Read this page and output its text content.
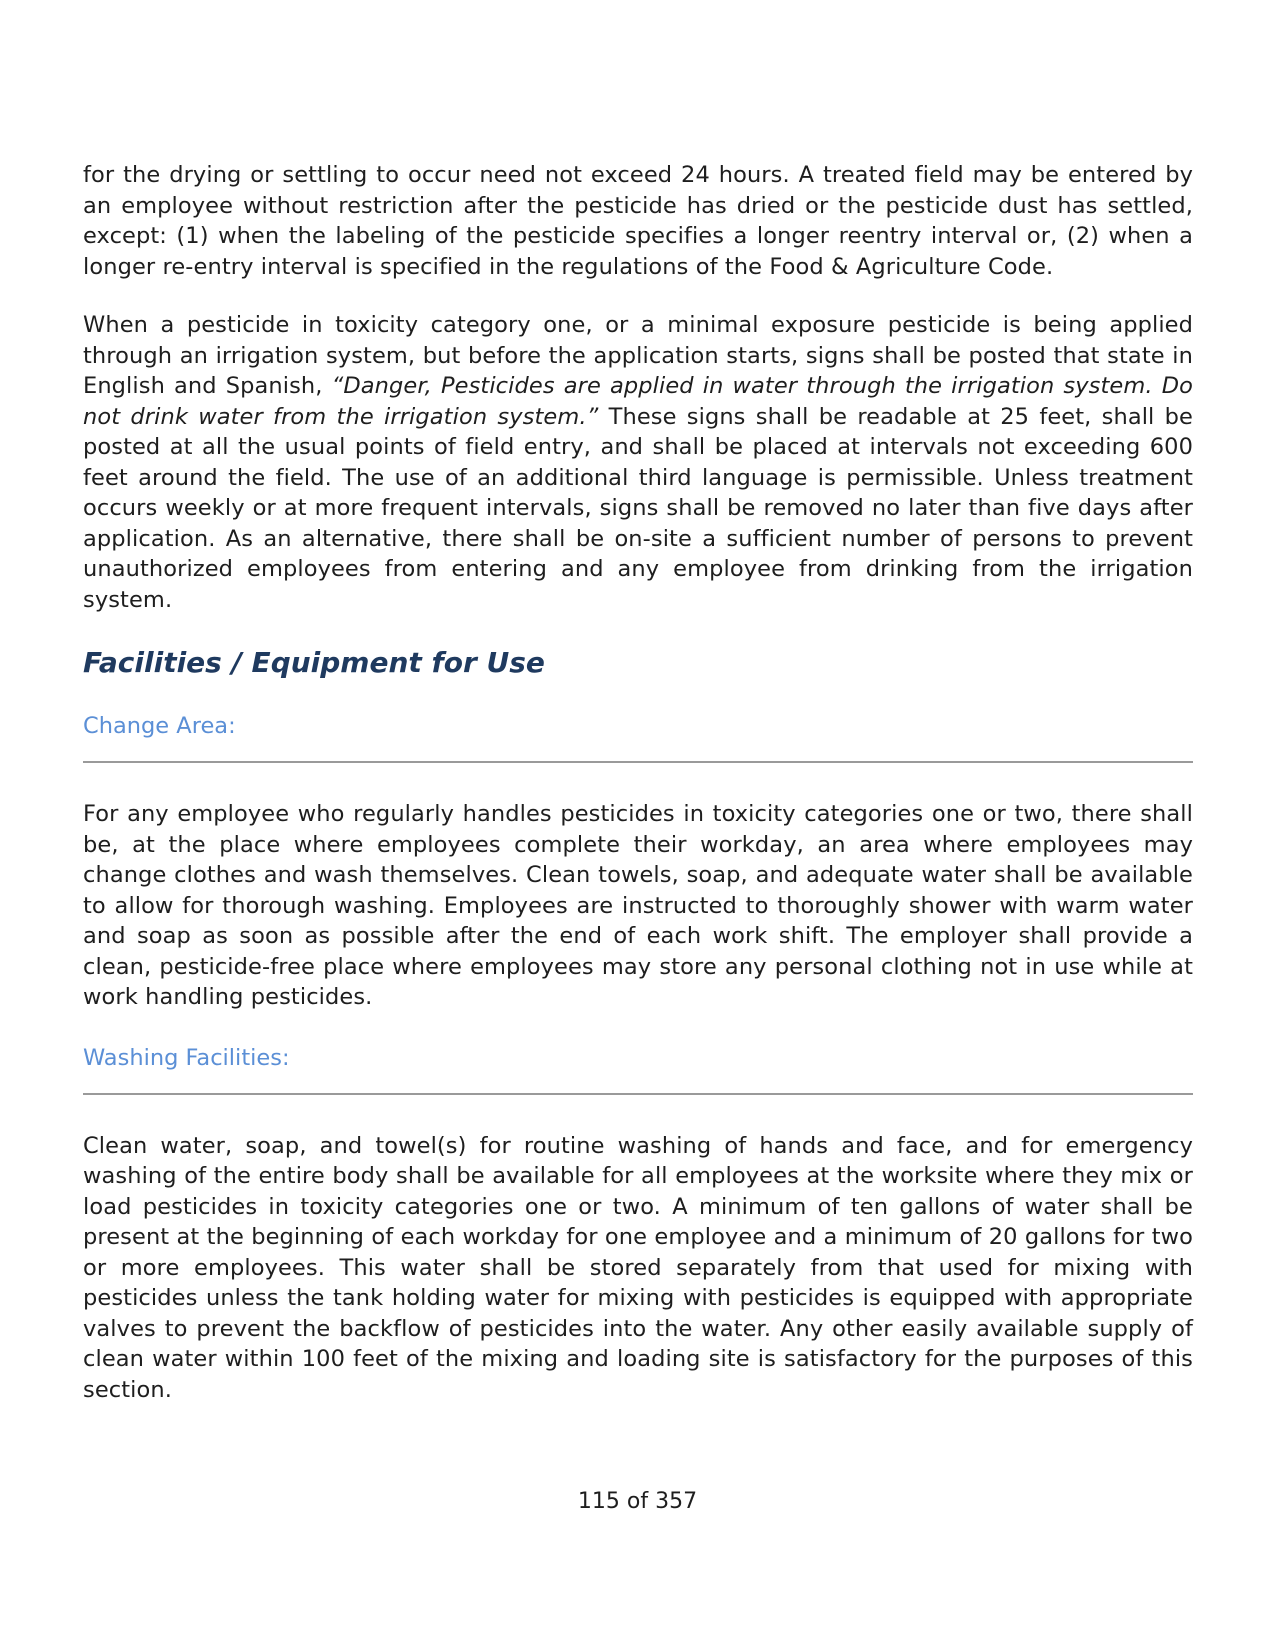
for the drying or settling to occur need not exceed 24 hours. A treated field may be entered by an employee without restriction after the pesticide has dried or the pesticide dust has settled, except: (1) when the labeling of the pesticide specifies a longer reentry interval or, (2) when a longer re-entry interval is specified in the regulations of the Food & Agriculture Code.

When a pesticide in toxicity category one, or a minimal exposure pesticide is being applied through an irrigation system, but before the application starts, signs shall be posted that state in English and Spanish, “Danger, Pesticides are applied in water through the irrigation system. Do not drink water from the irrigation system.” These signs shall be readable at 25 feet, shall be posted at all the usual points of field entry, and shall be placed at intervals not exceeding 600 feet around the field. The use of an additional third language is permissible. Unless treatment occurs weekly or at more frequent intervals, signs shall be removed no later than five days after application. As an alternative, there shall be on-site a sufficient number of persons to prevent unauthorized employees from entering and any employee from drinking from the irrigation system.

Facilities / Equipment for Use
Change Area:

For any employee who regularly handles pesticides in toxicity categories one or two, there shall be, at the place where employees complete their workday, an area where employees may change clothes and wash themselves. Clean towels, soap, and adequate water shall be available to allow for thorough washing. Employees are instructed to thoroughly shower with warm water and soap as soon as possible after the end of each work shift. The employer shall provide a clean, pesticide-free place where employees may store any personal clothing not in use while at work handling pesticides.

Washing Facilities:

Clean water, soap, and towel(s) for routine washing of hands and face, and for emergency washing of the entire body shall be available for all employees at the worksite where they mix or load pesticides in toxicity categories one or two. A minimum of ten gallons of water shall be present at the beginning of each workday for one employee and a minimum of 20 gallons for two or more employees. This water shall be stored separately from that used for mixing with pesticides unless the tank holding water for mixing with pesticides is equipped with appropriate valves to prevent the backflow of pesticides into the water. Any other easily available supply of clean water within 100 feet of the mixing and loading site is satisfactory for the purposes of this section.

115 of 357
